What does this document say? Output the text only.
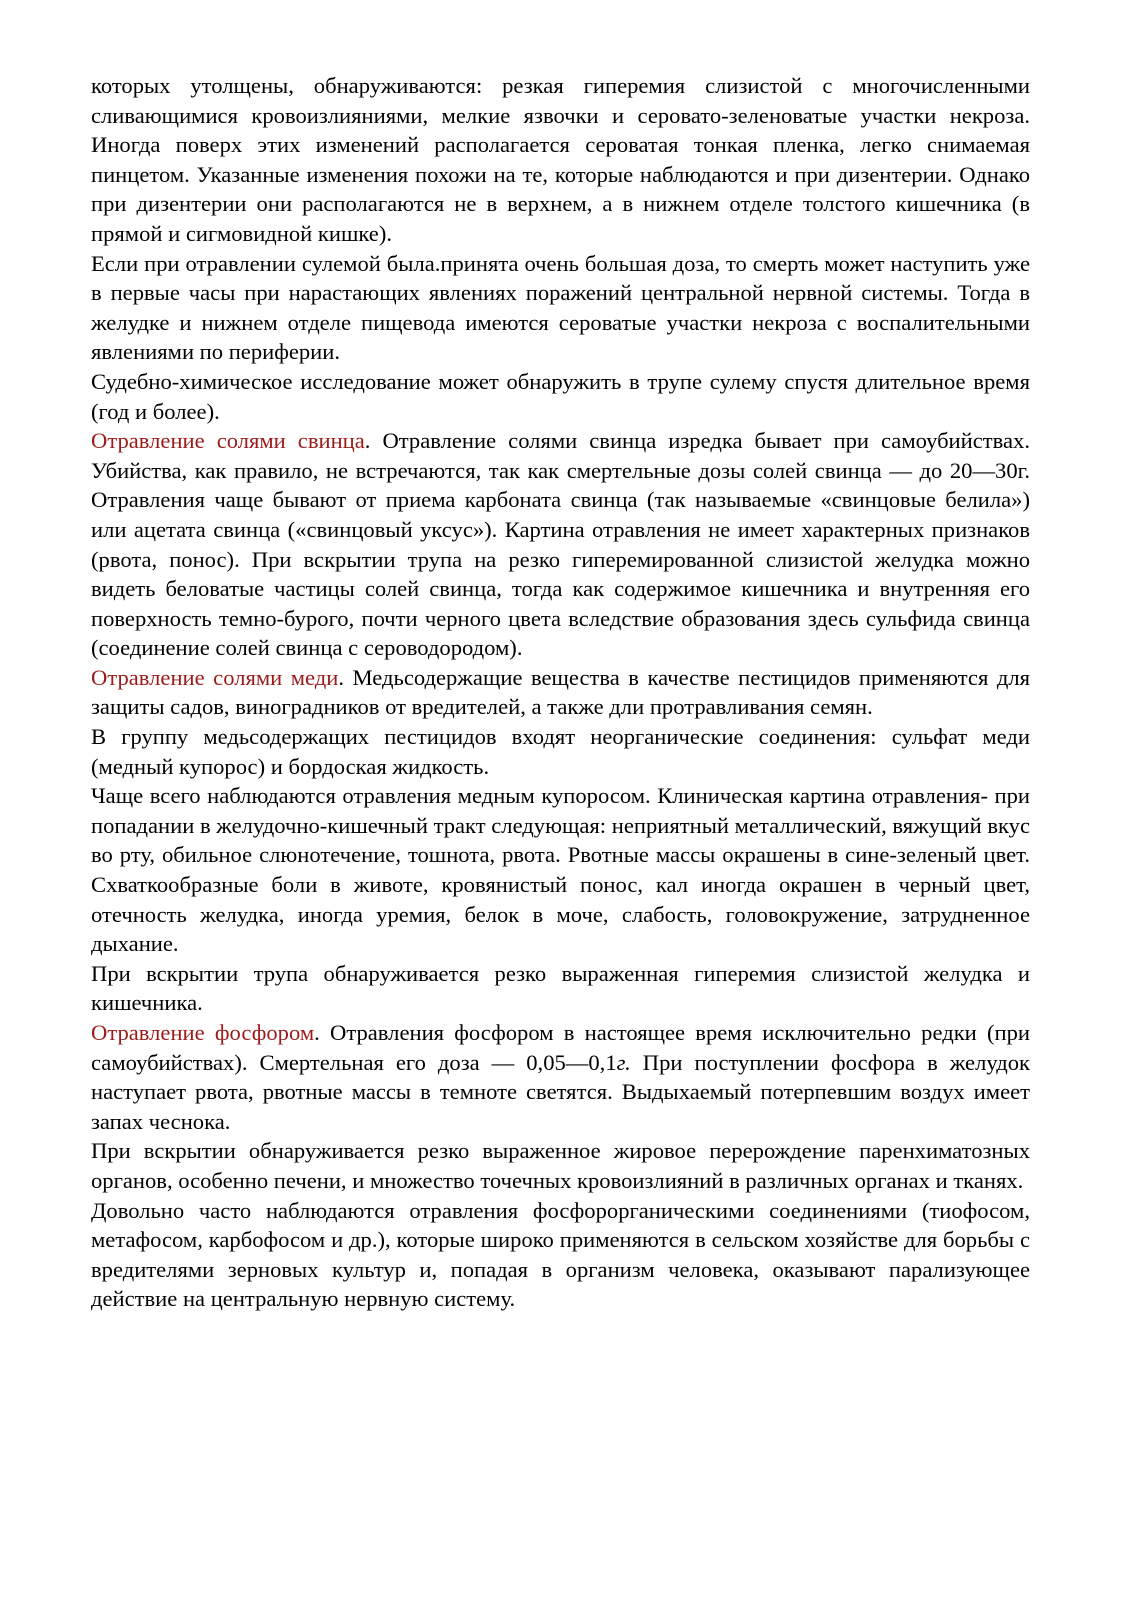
которых утолщены, обнаруживаются: резкая гиперемия слизистой с многочисленными сливающимися кровоизлияниями, мелкие язвочки и серовато-зеленоватые участки некроза. Иногда поверх этих изменений располагается сероватая тонкая пленка, легко снимаемая пинцетом. Указанные изменения похожи на те, которые наблюдаются и при дизентерии. Однако при дизентерии они располагаются не в верхнем, а в нижнем отделе толстого кишечника (в прямой и сигмовидной кишке).

Если при отравлении сулемой была.принята очень большая доза, то смерть может наступить уже в первые часы при нарастающих явлениях поражений центральной нервной системы. Тогда в желудке и нижнем отделе пищевода имеются сероватые участки некроза с воспалительными явлениями по периферии.

Судебно-химическое исследование может обнаружить в трупе сулему спустя длительное время (год и более).

Отравление солями свинца. Отравление солями свинца изредка бывает при самоубийствах. Убийства, как правило, не встречаются, так как смертельные дозы солей свинца — до 20—30г. Отравления чаще бывают от приема карбоната свинца (так называемые «свинцовые белила») или ацетата свинца («свинцовый уксус»). Картина отравления не имеет характерных признаков (рвота, понос). При вскрытии трупа на резко гиперемированной слизистой желудка можно видеть беловатые частицы солей свинца, тогда как содержимое кишечника и внутренняя его поверхность темно-бурого, почти черного цвета вследствие образования здесь сульфида свинца (соединение солей свинца с сероводородом).

Отравление солями меди. Медьсодержащие вещества в качестве пестицидов применяются для защиты садов, виноградников от вредителей, а также дли протравливания семян.

В группу медьсодержащих пестицидов входят неорганические соединения: сульфат меди (медный купорос) и бордоская жидкость.

Чаще всего наблюдаются отравления медным купоросом. Клиническая картина отравления- при попадании в желудочно-кишечный тракт следующая: неприятный металлический, вяжущий вкус во рту, обильное слюнотечение, тошнота, рвота. Рвотные массы окрашены в сине-зеленый цвет. Схваткообразные боли в животе, кровянистый понос, кал иногда окрашен в черный цвет, отечность желудка, иногда уремия, белок в моче, слабость, головокружение, затрудненное дыхание.

При вскрытии трупа обнаруживается резко выраженная гиперемия слизистой желудка и кишечника.

Отравление фосфором. Отравления фосфором в настоящее время исключительно редки (при самоубийствах). Смертельная его доза — 0,05—0,1г. При поступлении фосфора в желудок наступает рвота, рвотные массы в темноте светятся. Выдыхаемый потерпевшим воздух имеет запах чеснока.

При вскрытии обнаруживается резко выраженное жировое перерождение паренхиматозных органов, особенно печени, и множество точечных кровоизлияний в различных органах и тканях.

Довольно часто наблюдаются отравления фосфорорганическими соединениями (тиофосом, метафосом, карбофосом и др.), которые широко применяются в сельском хозяйстве для борьбы с вредителями зерновых культур и, попадая в организм человека, оказывают парализующее действие на центральную нервную систему.
